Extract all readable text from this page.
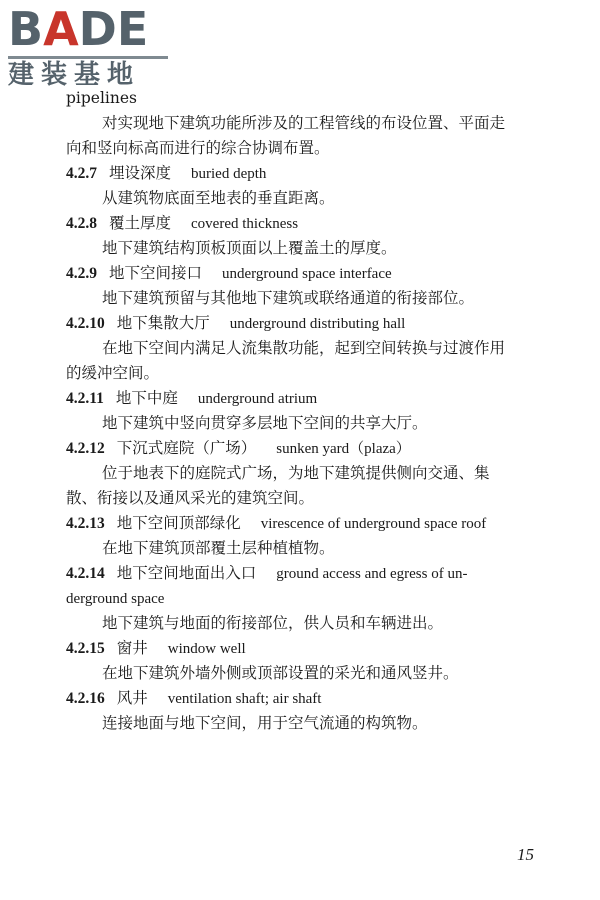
BADE
建装基地
pipelines
对实现地下建筑功能所涉及的工程管线的布设位置、平面走
向和竖向标高而进行的综合协调布置。
4.2.7 埋设深度 buried depth
从建筑物底面至地表的垂直距离。
4.2.8 覆土厚度 covered thickness
地下建筑结构顶板顶面以上覆盖土的厚度。
4.2.9 地下空间接口 underground space interface
地下建筑预留与其他地下建筑或联络通道的衔接部位。
4.2.10 地下集散大厅 underground distributing hall
在地下空间内满足人流集散功能，起到空间转换与过渡作用
的缓冲空间。
4.2.11 地下中庭 underground atrium
地下建筑中竖向贯穿多层地下空间的共享大厅。
4.2.12 下沉式庭院（广场） sunken yard（plaza）
位于地表下的庭院式广场，为地下建筑提供侧向交通、集
散、衔接以及通风采光的建筑空间。
4.2.13 地下空间顶部绿化 virescence of underground space roof
在地下建筑顶部覆土层种植植物。
4.2.14 地下空间地面出入口 ground access and egress of un-
derground space
地下建筑与地面的衔接部位，供人员和车辆进出。
4.2.15 窗井 window well
在地下建筑外墙外侧或顶部设置的采光和通风竖井。
4.2.16 风井 ventilation shaft; air shaft
连接地面与地下空间，用于空气流通的构筑物。
15
